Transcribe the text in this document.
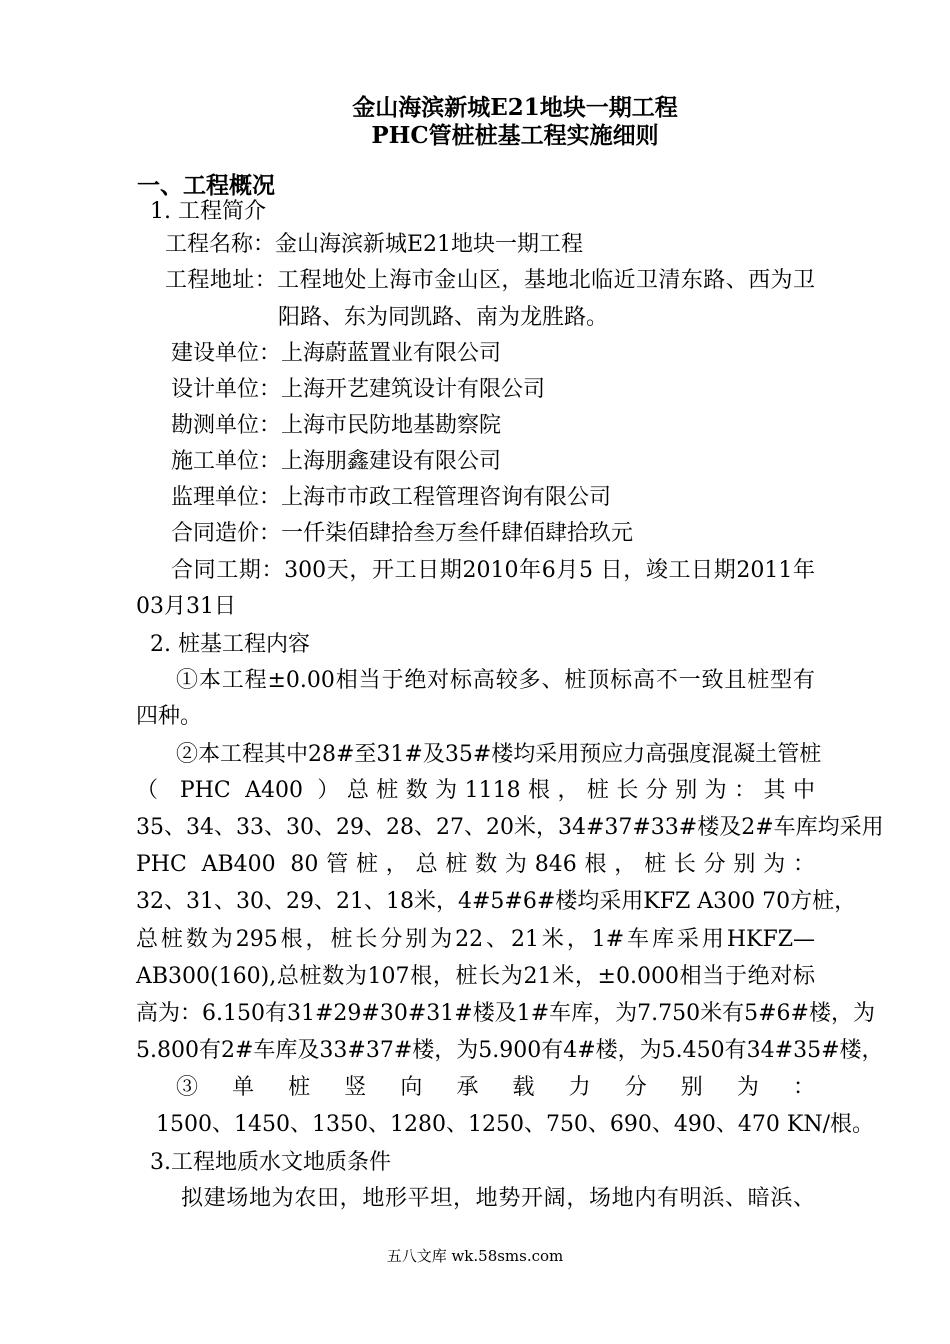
金山海滨新城E21地块一期工程
PHC管桩桩基工程实施细则
一、工程概况
1. 工程简介
工程名称：金山海滨新城E21地块一期工程
工程地址：工程地处上海市金山区，基地北临近卫清东路、西为卫
阳路、东为同凯路、南为龙胜路。
建设单位：上海蔚蓝置业有限公司
设计单位：上海开艺建筑设计有限公司
勘测单位：上海市民防地基勘察院
施工单位：上海朋鑫建设有限公司
监理单位：上海市市政工程管理咨询有限公司
合同造价：一仟柒佰肆拾叁万叁仟肆佰肆拾玖元
合同工期：300天，开工日期2010年6月5 日，竣工日期2011年
03月31日
2. 桩基工程内容
①本工程±0.00相当于绝对标高较多、桩顶标高不一致且桩型有
四种。
②本工程其中28#至31#及35#楼均采用预应力高强度混凝土管桩
（ PHC A400 ）总桩数为1118根，桩长分别为：其中
35、34、33、30、29、28、27、20米，34#37#33#楼及2#车库均采用
PHC AB400 80管桩，总桩数为846根，桩长分别为：
32、31、30、29、21、18米，4#5#6#楼均采用KFZ A300 70方桩，
总桩数为295根，桩长分别为22、21米，1#车库采用HKFZ—
AB300(160),总桩数为107根，桩长为21米，±0.000相当于绝对标
高为：6.150有31#29#30#31#楼及1#车库，为7.750米有5#6#楼，为
5.800有2#车库及33#37#楼，为5.900有4#楼，为5.450有34#35#楼，
③ 单 桩 竖 向 承 载 力 分 别 为 ：
1500、1450、1350、1280、1250、750、690、490、470 KN/根。
3.工程地质水文地质条件
拟建场地为农田，地形平坦，地势开阔，场地内有明浜、暗浜、
五八文库 wk.58sms.com
